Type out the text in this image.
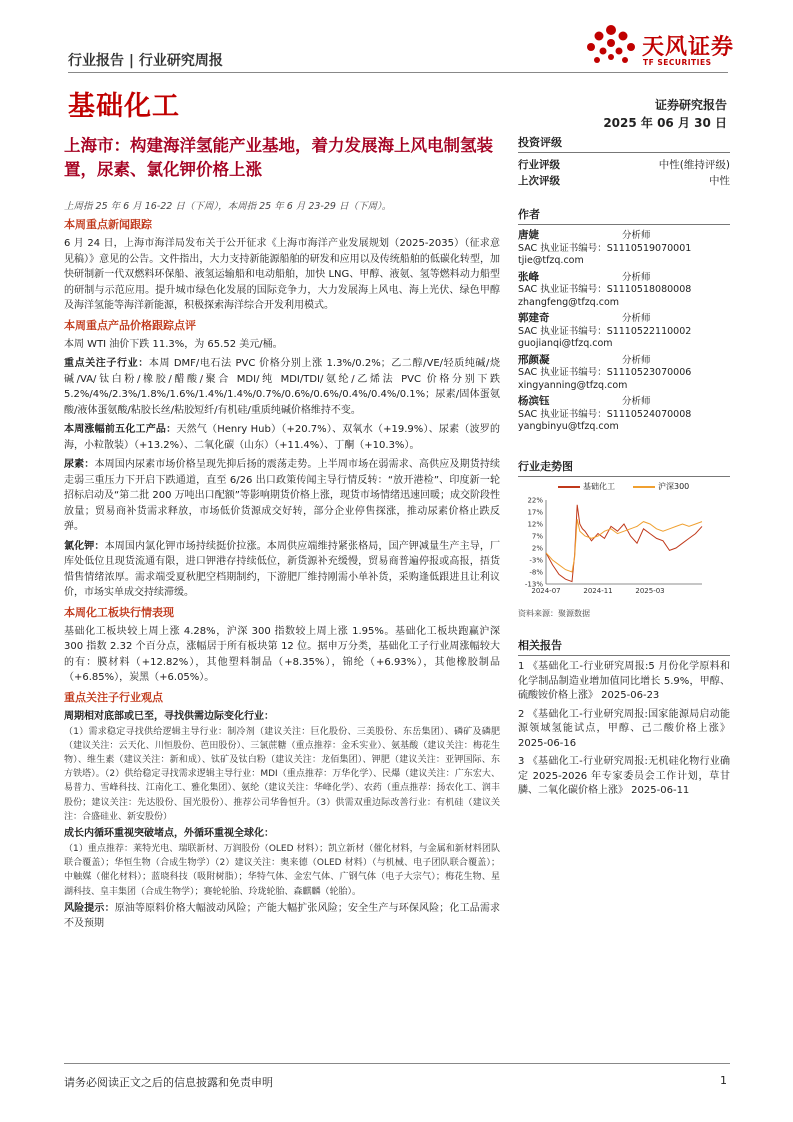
行业报告 | 行业研究周报
基础化工	证券研究报告
2025 年 06 月 30 日
天风证券
TF SECURITIES
上海市：构建海洋氢能产业基地，着力发展海上风电制氢装置，尿素、氯化钾价格上涨
上周指 25 年 6 月 16-22 日（下周），本周指 25 年 6 月 23-29 日（下周）。
本周重点新闻跟踪
6 月 24 日，上海市海洋局发布关于公开征求《上海市海洋产业发展规划（2025-2035）（征求意见稿）》意见的公告。文件指出，大力支持新能源船舶的研发和应用以及传统船舶的低碳化转型，加快研制新一代双燃料环保船、液氢运输船和电动船舶，加快 LNG、甲醇、液氨、氢等燃料动力船型的研制与示范应用。提升城市绿色化发展的国际竞争力，大力发展海上风电、海上光伏、绿色甲醇及海洋氢能等海洋新能源，积极探索海洋综合开发利用模式。
本周重点产品价格跟踪点评
本周 WTI 油价下跌 11.3%，为 65.52 美元/桶。
重点关注子行业：本周 DMF/电石法 PVC 价格分别上涨 1.3%/0.2%；乙二醇/VE/轻质纯碱/烧碱/VA/钛白粉/橡胶/醋酸/聚合 MDI/纯 MDI/TDI/氨纶/乙烯法 PVC 价格分别下跌 5.2%/4%/2.3%/1.8%/1.6%/1.4%/1.4%/0.7%/0.6%/0.6%/0.4%/0.4%/0.1%；尿素/固体蛋氨酸/液体蛋氨酸/粘胶长丝/粘胶短纤/有机硅/重质纯碱价格维持不变。
本周涨幅前五化工产品：天然气（Henry Hub）（+20.7%）、双氧水（+19.9%）、尿素（波罗的海，小粒散装）（+13.2%）、二氧化碳（山东）（+11.4%）、丁酮（+10.3%）。
尿素：本周国内尿素市场价格呈现先抑后扬的震荡走势。上半周市场在弱需求、高供应及期货持续走弱三重压力下开启下跌通道，直至 6/26 出口政策传闻主导行情反转：“放开港检”、印度新一轮招标启动及“第二批 200 万吨出口配额”等影响期货价格上涨，现货市场情绪迅速回暖；成交阶段性放量；贸易商补货需求释放，市场低价货源成交好转，部分企业停售探涨，推动尿素价格止跌反弹。
氯化钾：本周国内氯化钾市场持续挺价拉涨。本周供应端维持紧张格局，国产钾减量生产主导，厂库处低位且现货流通有限，进口钾港存持续低位，新货源补充缓慢，贸易商普遍停报或高报，捂货惜售情绪浓厚。需求端受夏秋肥空档期制约，下游肥厂维持刚需小单补货，采购逢低跟进且让利议价，市场实单成交持续滞缓。
本周化工板块行情表现
基础化工板块较上周上涨 4.28%，沪深 300 指数较上周上涨 1.95%。基础化工板块跑赢沪深 300 指数 2.32 个百分点，涨幅居于所有板块第 12 位。据申万分类，基础化工子行业周涨幅较大的有：膜材料（+12.82%），其他塑料制品（+8.35%），锦纶（+6.93%），其他橡胶制品（+6.85%），炭黑（+6.05%）。
重点关注子行业观点
周期相对底部或已至，寻找供需边际变化行业：
（1）需求稳定寻找供给逻辑主导行业：制冷剂（建议关注：巨化股份、三美股份、东岳集团）、磷矿及磷肥（建议关注：云天化、川恒股份、芭田股份）、三氯蔗糖（重点推荐：金禾实业）、氨基酸（建议关注：梅花生物）、维生素（建议关注：新和成）、钛矿及钛白粉（建议关注：龙佰集团）、钾肥（建议关注：亚钾国际、东方铁塔）。（2）供给稳定寻找需求逻辑主导行业：MDI（重点推荐：万华化学）、民爆（建议关注：广东宏大、易普力、雪峰科技、江南化工、雅化集团）、氨纶（建议关注：华峰化学）、农药（重点推荐：扬农化工、润丰股份；建议关注：先达股份、国光股份）、推荐公司华鲁恒升。（3）供需双重边际改善行业：有机硅（建议关注：合盛硅业、新安股份）
成长内循环重视突破堵点，外循环重视全球化：
（1）重点推荐：莱特光电、瑞联新材、万润股份（OLED 材料）；凯立新材（催化材料，与金属和新材料团队联合覆盖）；华恒生物（合成生物学）（2）建议关注：奥来德（OLED 材料）（与机械、电子团队联合覆盖）；中触媒（催化材料）；蓝晓科技（吸附树脂）；华特气体、金宏气体、广钢气体（电子大宗气）；梅花生物、星湖科技、皇丰集团（合成生物学）；赛轮轮胎、玲珑轮胎、森麒麟（轮胎）。
风险提示：原油等原料价格大幅波动风险；产能大幅扩张风险；安全生产与环保风险；化工品需求不及预期
投资评级
行业评级	中性(维持评级)
上次评级	中性
作者
唐婕	分析师
SAC 执业证书编号：S1110519070001
tjie@tfzq.com
张峰	分析师
SAC 执业证书编号：S1110518080008
zhangfeng@tfzq.com
郭建奇	分析师
SAC 执业证书编号：S1110522110002
guojianqi@tfzq.com
邢颜凝	分析师
SAC 执业证书编号：S1110523070006
xingyanning@tfzq.com
杨滨钰	分析师
SAC 执业证书编号：S1110524070008
yangbinyu@tfzq.com
行业走势图
基础化工	沪深300
22%
17%
12%
7%
2%
-3%
-8%
-13%
2024-07	2024-11	2025-03
资料来源：聚源数据
相关报告
1 《基础化工-行业研究周报:5 月份化学原料和化学制品制造业增加值同比增长 5.9%，甲醇、硫酸铵价格上涨》 2025-06-23
2 《基础化工-行业研究周报:国家能源局启动能源领域氢能试点，甲醇、己二酸价格上涨》 2025-06-16
3 《基础化工-行业研究周报:无机硅化物行业确定 2025-2026 年专家委员会工作计划，草甘膦、二氧化碳价格上涨》 2025-06-11
请务必阅读正文之后的信息披露和免责申明	1
